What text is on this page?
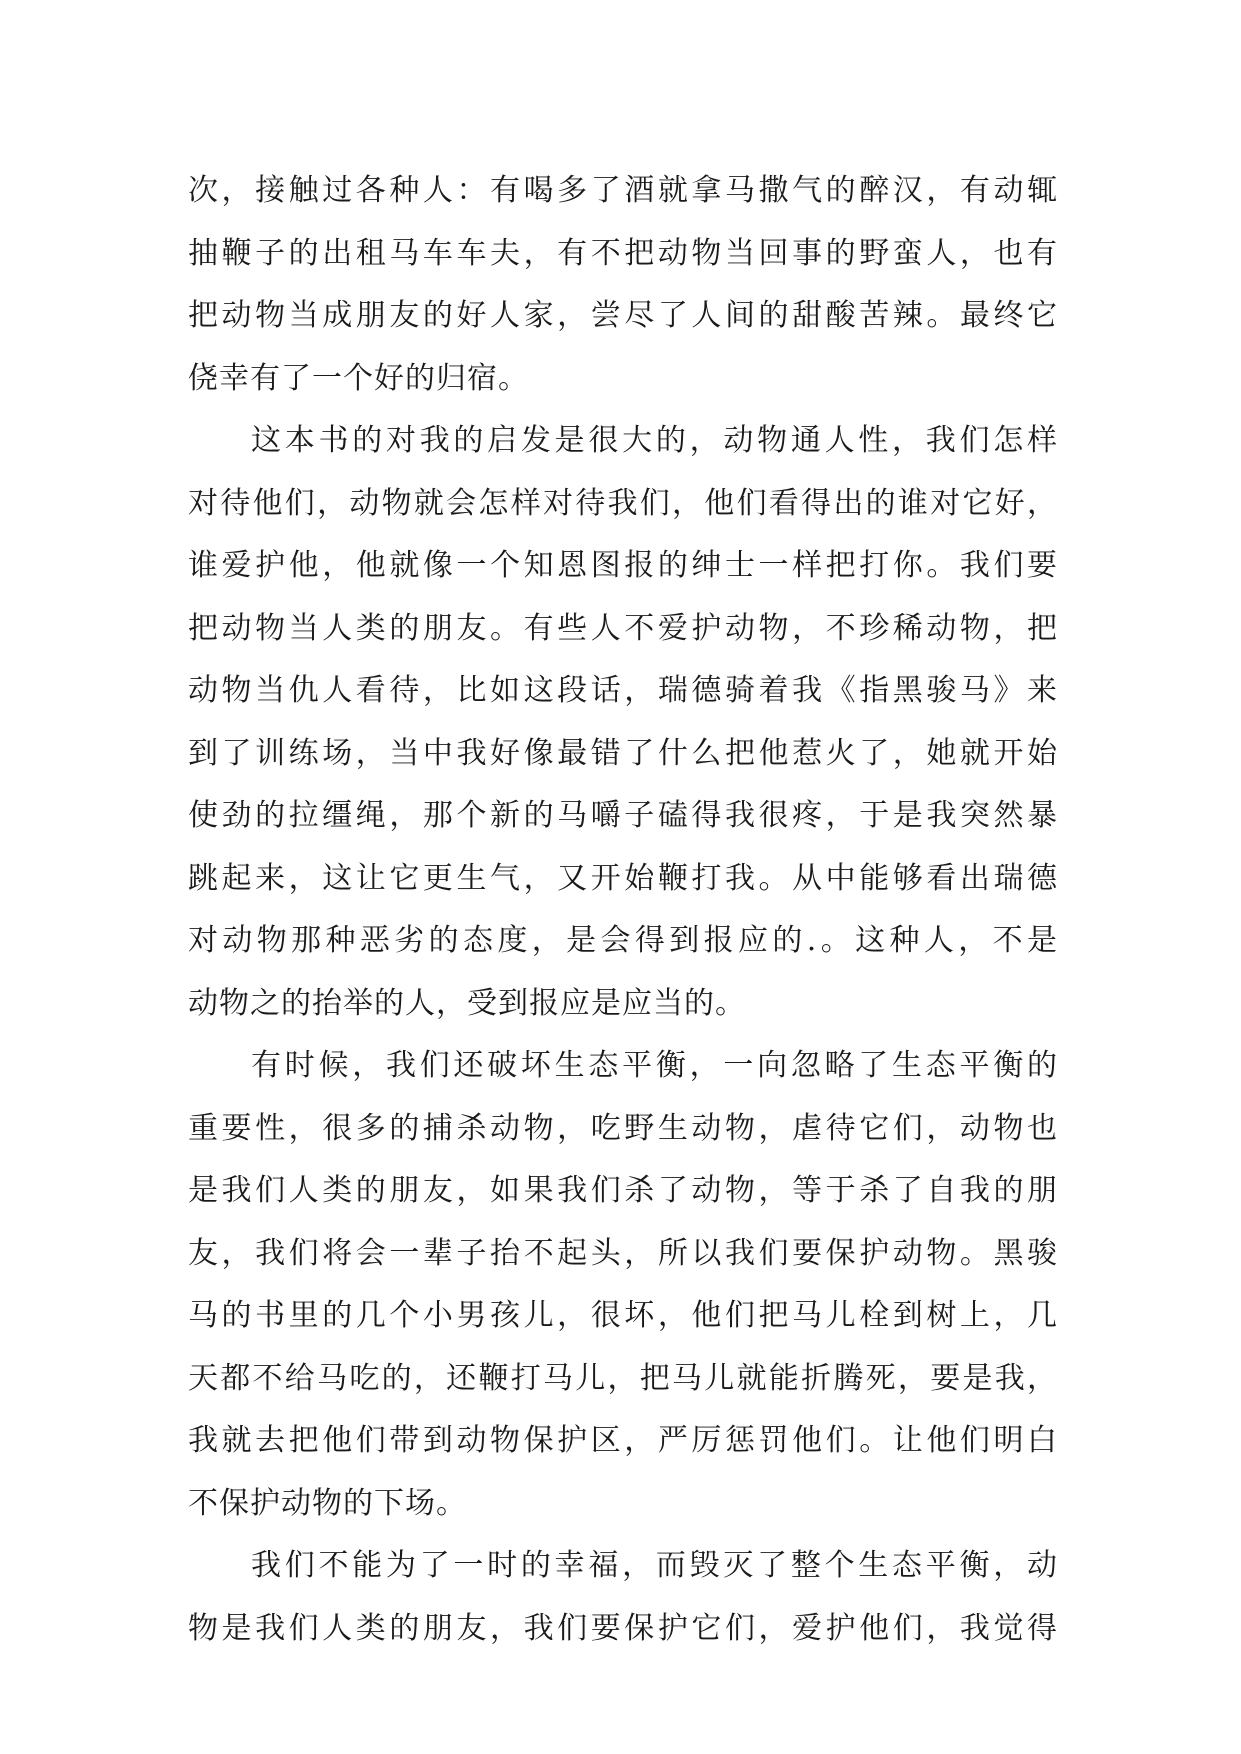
次，接触过各种人：有喝多了酒就拿马撒气的醉汉，有动辄
抽鞭子的出租马车车夫，有不把动物当回事的野蛮人，也有
把动物当成朋友的好人家，尝尽了人间的甜酸苦辣。最终它
侥幸有了一个好的归宿。
这本书的对我的启发是很大的，动物通人性，我们怎样
对待他们，动物就会怎样对待我们，他们看得出的谁对它好，
谁爱护他，他就像一个知恩图报的绅士一样把打你。我们要
把动物当人类的朋友。有些人不爱护动物，不珍稀动物，把
动物当仇人看待，比如这段话，瑞德骑着我《指黑骏马》来
到了训练场，当中我好像最错了什么把他惹火了，她就开始
使劲的拉缰绳，那个新的马嚼子磕得我很疼，于是我突然暴
跳起来，这让它更生气，又开始鞭打我。从中能够看出瑞德
对动物那种恶劣的态度，是会得到报应的.。这种人，不是
动物之的抬举的人，受到报应是应当的。
有时候，我们还破坏生态平衡，一向忽略了生态平衡的
重要性，很多的捕杀动物，吃野生动物，虐待它们，动物也
是我们人类的朋友，如果我们杀了动物，等于杀了自我的朋
友，我们将会一辈子抬不起头，所以我们要保护动物。黑骏
马的书里的几个小男孩儿，很坏，他们把马儿栓到树上，几
天都不给马吃的，还鞭打马儿，把马儿就能折腾死，要是我，
我就去把他们带到动物保护区，严厉惩罚他们。让他们明白
不保护动物的下场。
我们不能为了一时的幸福，而毁灭了整个生态平衡，动
物是我们人类的朋友，我们要保护它们，爱护他们，我觉得
